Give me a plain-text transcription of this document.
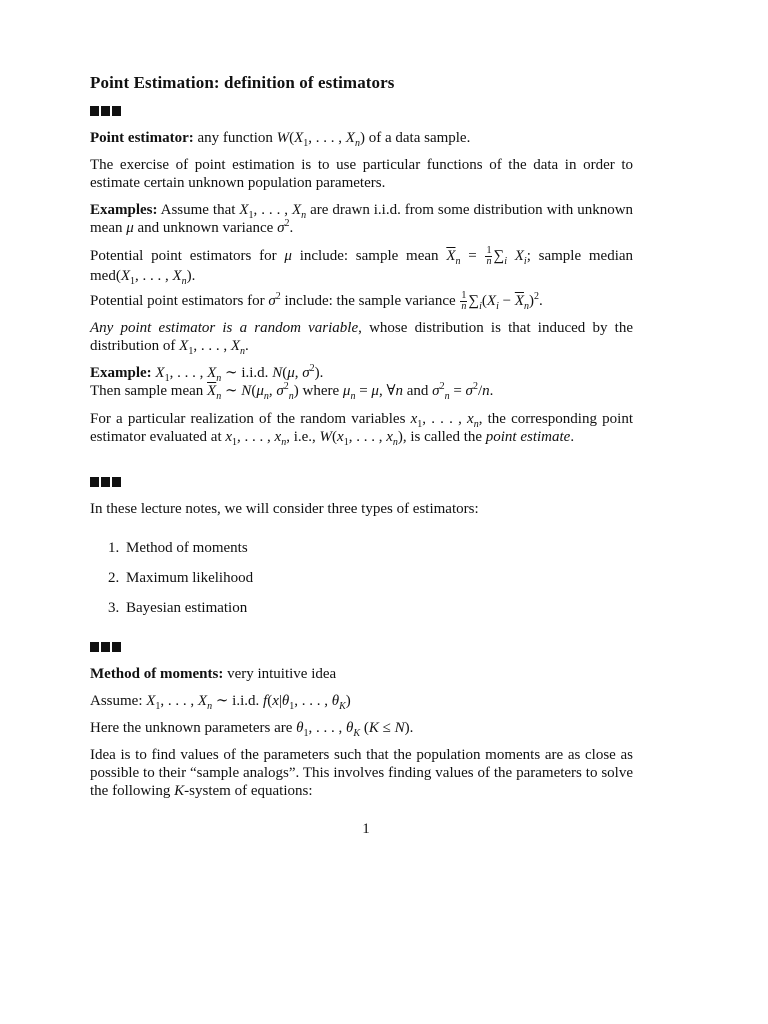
Point Estimation: definition of estimators

Point estimator: any function $W(X_1$, . . . , $X_n$) of a data sample.

The exercise of point estimation is to use particular functions of the data in order to estimate certain unknown population parameters.

Examples: Assume that $X_1$, . . . , $X_n$ are drawn i.i.d. from some distribution with unknown mean μ and unknown variance $\sigma^2$.

Potential point estimators for μ include: sample mean $\overline{X}_n = \frac{1}{n} \sum_i$ $X_i$; sample median $med(X_1$, . . . , $X_n$).

Potential point estimators for $\sigma^2$ include: the sample variance $\frac{1}{n} \sum_i(X_i - \overline{X}_n)^2$.

Any point estimator is a random variable, whose distribution is that induced by the distribution of $X_1$, . . . , $X_n$.

Example: $X_1$, . . . , $X_n$ ∼ i.i.d. N(μ, $\sigma^2$).
Then sample mean $\overline{X}_n$ ∼ $N(\mu_n$, $\sigma^2_n$) where $\mu_n = \mu$, ∀n and $\sigma^2_n = \sigma^2/n$.

For a particular realization of the random variables $x_1$, . . . , $x_n$, the corresponding point estimator evaluated at $x_1$, . . . , $x_n$, i.e., $W(x_1$, . . . , $x_n$), is called the point estimate.

In these lecture notes, we will consider three types of estimators:

1. Method of moments
2. Maximum likelihood
3. Bayesian estimation

Method of moments: very intuitive idea

Assume: $X_1$, . . . , $X_n$ ∼ i.i.d. $f(x|\theta_1$, . . . , $\theta_K$)

Here the unknown parameters are $\theta_1$, . . . , $\theta_K$ (K ≤ N).

Idea is to find values of the parameters such that the population moments are as close as possible to their “sample analogs”. This involves finding values of the parameters to solve the following K-system of equations:

1
